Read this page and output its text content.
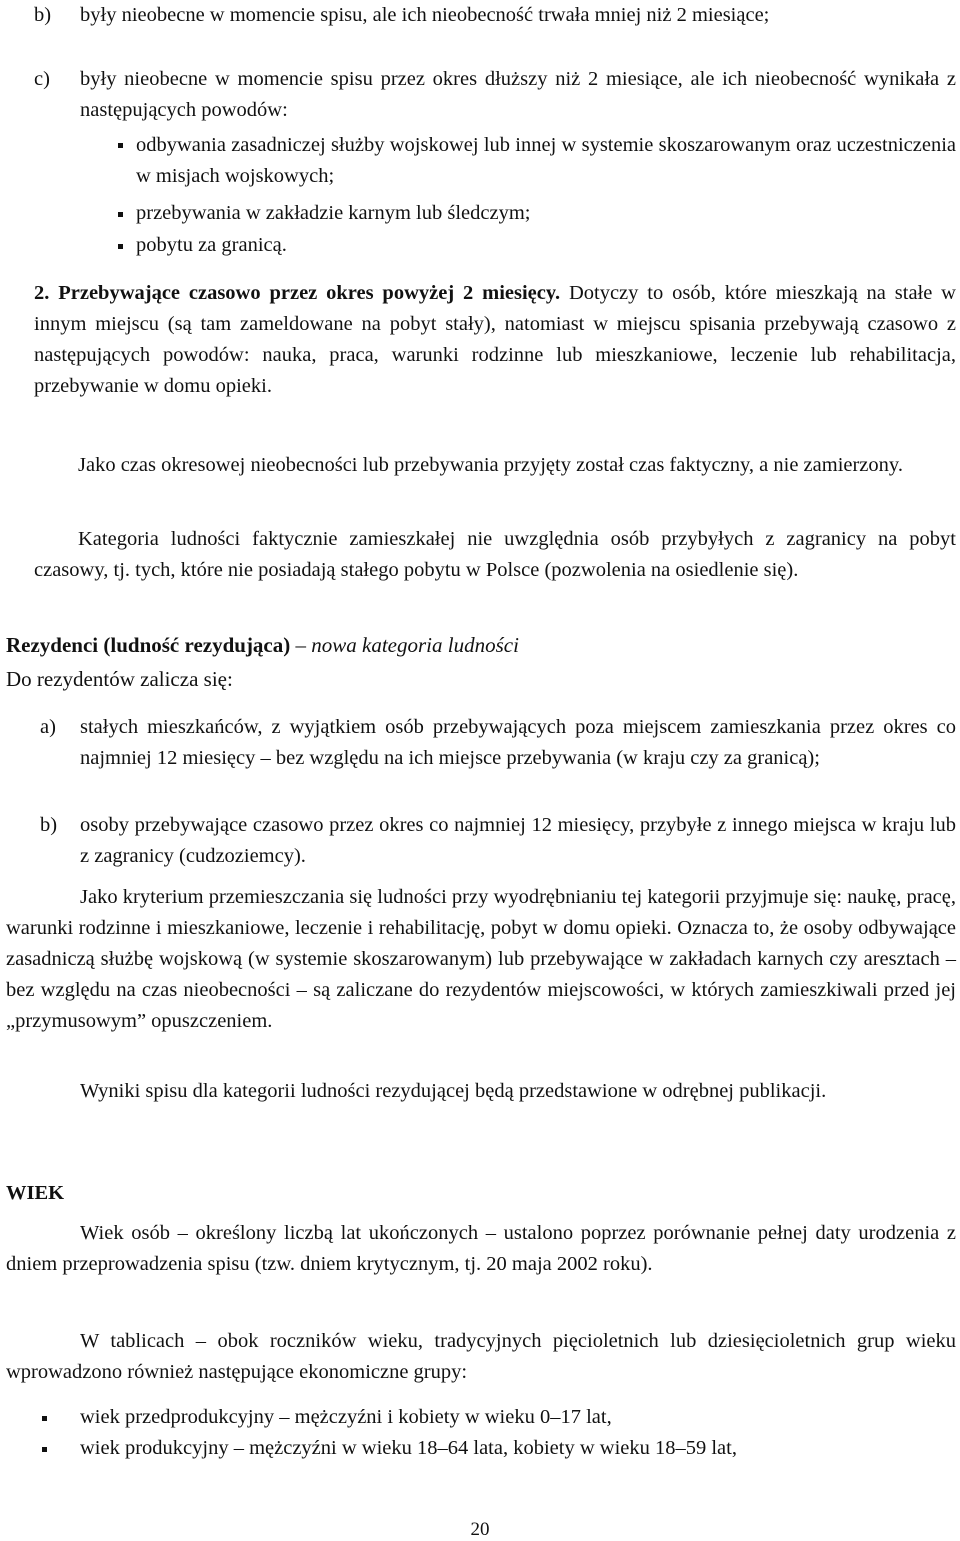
b) były nieobecne w momencie spisu, ale ich nieobecność trwała mniej niż 2 miesiące;

c) były nieobecne w momencie spisu przez okres dłuższy niż 2 miesiące, ale ich nieobecność wynikała z następujących powodów:

odbywania zasadniczej służby wojskowej lub innej w systemie skoszarowanym oraz uczestniczenia w misjach wojskowych;

przebywania w zakładzie karnym lub śledczym;

pobytu za granicą.

2. Przebywające czasowo przez okres powyżej 2 miesięcy. Dotyczy to osób, które mieszkają na stałe w innym miejscu (są tam zameldowane na pobyt stały), natomiast w miejscu spisania przebywają czasowo z następujących powodów: nauka, praca, warunki rodzinne lub mieszkaniowe, leczenie lub rehabilitacja, przebywanie w domu opieki.

Jako czas okresowej nieobecności lub przebywania przyjęty został czas faktyczny, a nie zamierzony.

Kategoria ludności faktycznie zamieszkałej nie uwzględnia osób przybyłych z zagranicy na pobyt czasowy, tj. tych, które nie posiadają stałego pobytu w Polsce (pozwolenia na osiedlenie się).

Rezydenci (ludność rezydująca) – nowa kategoria ludności

Do rezydentów zalicza się:

a) stałych mieszkańców, z wyjątkiem osób przebywających poza miejscem zamieszkania przez okres co najmniej 12 miesięcy – bez względu na ich miejsce przebywania (w kraju czy za granicą);

b) osoby przebywające czasowo przez okres co najmniej 12 miesięcy, przybyłe z innego miejsca w kraju lub z zagranicy (cudzoziemcy).

Jako kryterium przemieszczania się ludności przy wyodrębnianiu tej kategorii przyjmuje się: naukę, pracę, warunki rodzinne i mieszkaniowe, leczenie i rehabilitację, pobyt w domu opieki. Oznacza to, że osoby odbywające zasadniczą służbę wojskową (w systemie skoszarowanym) lub przebywające w zakładach karnych czy aresztach – bez względu na czas nieobecności – są zaliczane do rezydentów miejscowości, w których zamieszkiwali przed jej „przymusowym” opuszczeniem.

Wyniki spisu dla kategorii ludności rezydującej będą przedstawione w odrębnej publikacji.

WIEK

Wiek osób – określony liczbą lat ukończonych – ustalono poprzez porównanie pełnej daty urodzenia z dniem przeprowadzenia spisu (tzw. dniem krytycznym, tj. 20 maja 2002 roku).

W tablicach – obok roczników wieku, tradycyjnych pięcioletnich lub dziesięcioletnich grup wieku wprowadzono również następujące ekonomiczne grupy:

wiek przedprodukcyjny – mężczyźni i kobiety w wieku 0–17 lat,

wiek produkcyjny – mężczyźni w wieku 18–64 lata, kobiety w wieku 18–59 lat,

20
